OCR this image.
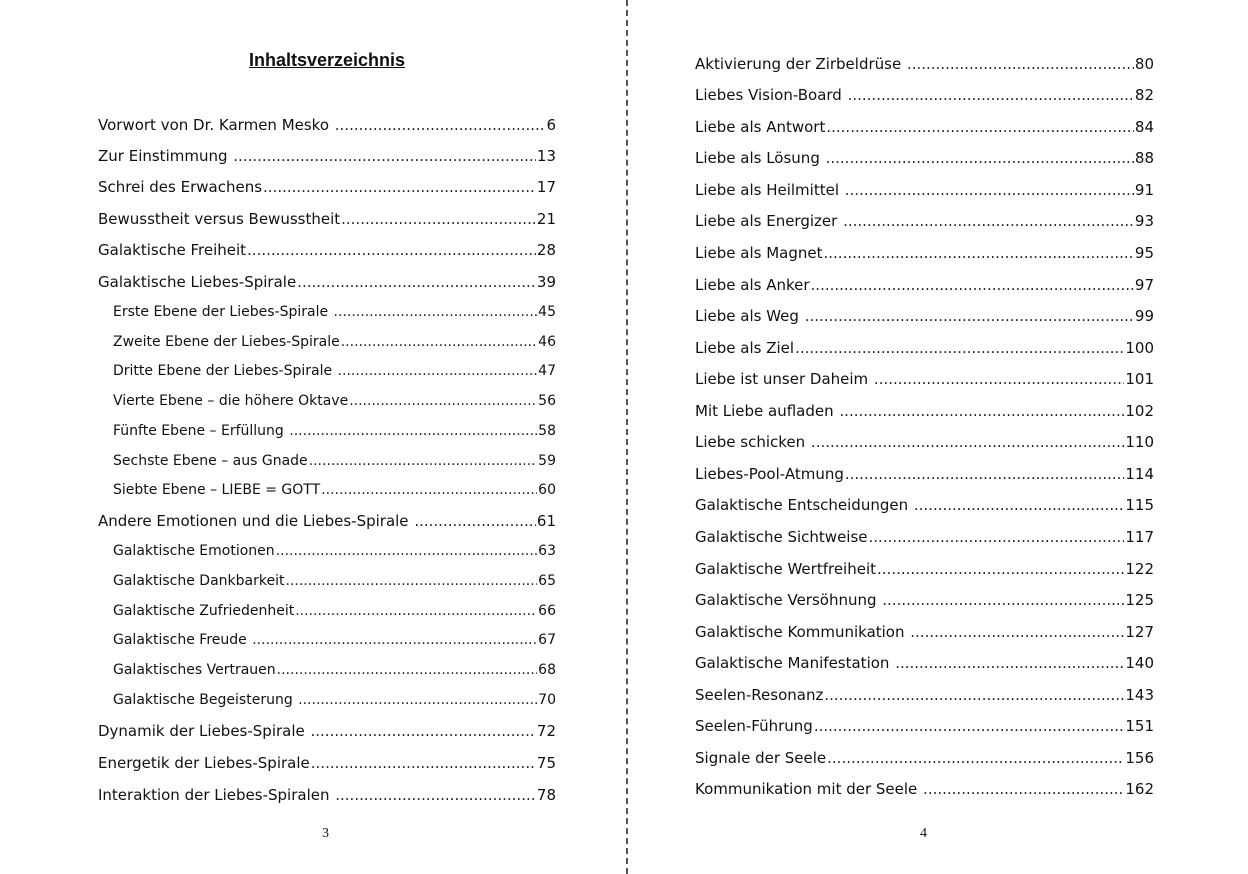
Inhaltsverzeichnis
Vorwort von Dr. Karmen Mesko .....	6
Zur Einstimmung .....	13
Schrei des Erwachens .....	17
Bewusstheit versus Bewusstheit .....	21
Galaktische Freiheit .....	28
Galaktische Liebes-Spirale .....	39
Erste Ebene der Liebes-Spirale .....	45
Zweite Ebene der Liebes-Spirale .....	46
Dritte Ebene der Liebes-Spirale .....	47
Vierte Ebene – die höhere Oktave .....	56
Fünfte Ebene – Erfüllung .....	58
Sechste Ebene – aus Gnade .....	59
Siebte Ebene – LIEBE = GOTT .....	60
Andere Emotionen und die Liebes-Spirale .....	61
Galaktische Emotionen .....	63
Galaktische Dankbarkeit .....	65
Galaktische Zufriedenheit .....	66
Galaktische Freude .....	67
Galaktisches Vertrauen .....	68
Galaktische Begeisterung .....	70
Dynamik der Liebes-Spirale .....	72
Energetik der Liebes-Spirale .....	75
Interaktion der Liebes-Spiralen .....	78
3
Aktivierung der Zirbeldrüse .....	80
Liebes Vision-Board .....	82
Liebe als Antwort .....	84
Liebe als Lösung .....	88
Liebe als Heilmittel .....	91
Liebe als Energizer .....	93
Liebe als Magnet .....	95
Liebe als Anker .....	97
Liebe als Weg .....	99
Liebe als Ziel .....	100
Liebe ist unser Daheim .....	101
Mit Liebe aufladen .....	102
Liebe schicken .....	110
Liebes-Pool-Atmung .....	114
Galaktische Entscheidungen .....	115
Galaktische Sichtweise .....	117
Galaktische Wertfreiheit .....	122
Galaktische Versöhnung .....	125
Galaktische Kommunikation .....	127
Galaktische Manifestation .....	140
Seelen-Resonanz .....	143
Seelen-Führung .....	151
Signale der Seele .....	156
Kommunikation mit der Seele .....	162
4
